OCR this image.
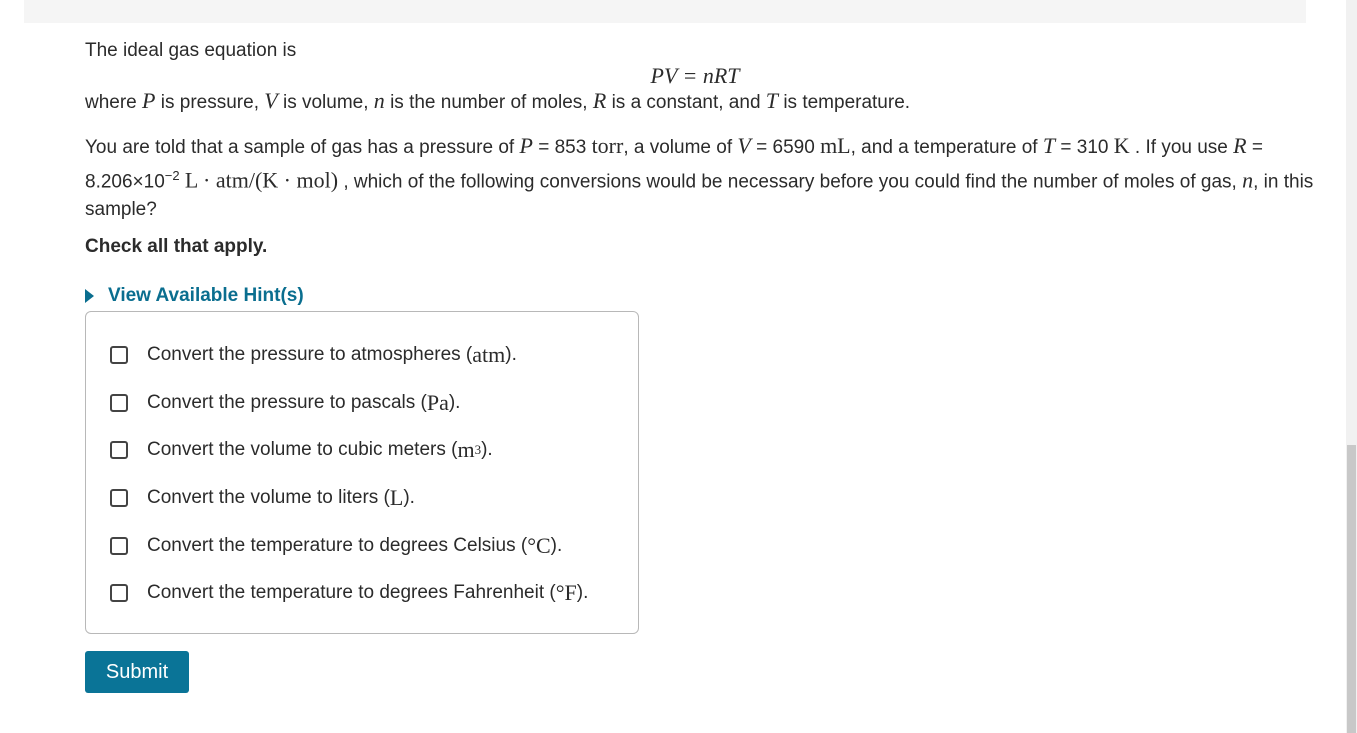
The ideal gas equation is

PV = nRT

where P is pressure, V is volume, n is the number of moles, R is a constant, and T is temperature.

You are told that a sample of gas has a pressure of P = 853 torr, a volume of V = 6590 mL, and a temperature of T = 310 K . If you use $R = 8.206\times 10^{-2}$ L · atm/(K · mol) , which of the following conversions would be necessary before you could find the number of moles of gas, n, in this sample?

Check all that apply.

View Available Hint(s)
Convert the pressure to atmospheres ( atm ).
Convert the pressure to pascals ( Pa ).
Convert the volume to cubic meters ( m 3 ).
Convert the volume to liters ( L ).
Convert the temperature to degrees Celsius ( °C ).
Convert the temperature to degrees Fahrenheit ( °F ).
Submit
